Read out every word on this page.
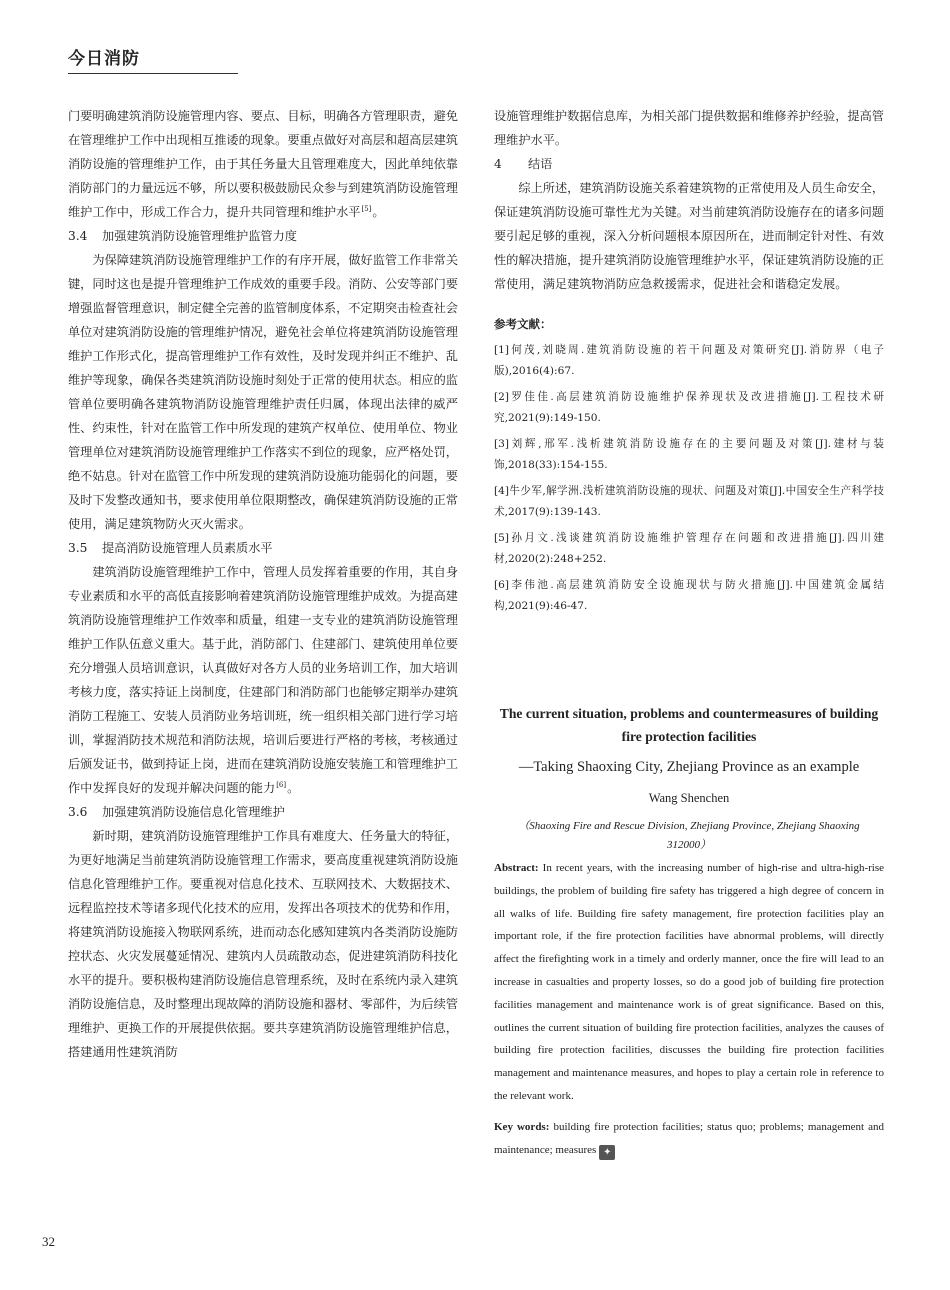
今日消防

门要明确建筑消防设施管理内容、要点、目标，明确各方管理职责，避免在管理维护工作中出现相互推诿的现象。要重点做好对高层和超高层建筑消防设施的管理维护工作，由于其任务量大且管理难度大，因此单纯依靠消防部门的力量远远不够，所以要积极鼓励民众参与到建筑消防设施管理维护工作中，形成工作合力，提升共同管理和维护水平[5]。

3.4 加强建筑消防设施管理维护监管力度

为保障建筑消防设施管理维护工作的有序开展，做好监管工作非常关键，同时这也是提升管理维护工作成效的重要手段。消防、公安等部门要增强监督管理意识，制定健全完善的监管制度体系，不定期突击检查社会单位对建筑消防设施的管理维护情况，避免社会单位将建筑消防设施管理维护工作形式化，提高管理维护工作有效性，及时发现并纠正不维护、乱维护等现象，确保各类建筑消防设施时刻处于正常的使用状态。相应的监管单位要明确各建筑物消防设施管理维护责任归属，体现出法律的威严性、约束性，针对在监管工作中所发现的建筑产权单位、使用单位、物业管理单位对建筑消防设施管理维护工作落实不到位的现象，应严格处罚，绝不姑息。针对在监管工作中所发现的建筑消防设施功能弱化的问题，要及时下发整改通知书，要求使用单位限期整改，确保建筑消防设施的正常使用，满足建筑物防火灭火需求。

3.5 提高消防设施管理人员素质水平

建筑消防设施管理维护工作中，管理人员发挥着重要的作用，其自身专业素质和水平的高低直接影响着建筑消防设施管理维护成效。为提高建筑消防设施管理维护工作效率和质量，组建一支专业的建筑消防设施管理维护工作队伍意义重大。基于此，消防部门、住建部门、建筑使用单位要充分增强人员培训意识，认真做好对各方人员的业务培训工作，加大培训考核力度，落实持证上岗制度，住建部门和消防部门也能够定期举办建筑消防工程施工、安装人员消防业务培训班，统一组织相关部门进行学习培训，掌握消防技术规范和消防法规，培训后要进行严格的考核，考核通过后颁发证书，做到持证上岗，进而在建筑消防设施安装施工和管理维护工作中发挥良好的发现并解决问题的能力[6]。

3.6 加强建筑消防设施信息化管理维护

新时期，建筑消防设施管理维护工作具有难度大、任务量大的特征，为更好地满足当前建筑消防设施管理工作需求，要高度重视建筑消防设施信息化管理维护工作。要重视对信息化技术、互联网技术、大数据技术、远程监控技术等诸多现代化技术的应用，发挥出各项技术的优势和作用，将建筑消防设施接入物联网系统，进而动态化感知建筑内各类消防设施防控状态、火灾发展蔓延情况、建筑内人员疏散动态，促进建筑消防科技化水平的提升。要积极构建消防设施信息管理系统，及时在系统内录入建筑消防设施信息，及时整理出现故障的消防设施和器材、零部件，为后续管理维护、更换工作的开展提供依据。要共享建筑消防设施管理维护信息，搭建通用性建筑消防

设施管理维护数据信息库，为相关部门提供数据和维修养护经验，提高管理维护水平。

4 结语

综上所述，建筑消防设施关系着建筑物的正常使用及人员生命安全，保证建筑消防设施可靠性尤为关键。对当前建筑消防设施存在的诸多问题要引起足够的重视，深入分析问题根本原因所在，进而制定针对性、有效性的解决措施，提升建筑消防设施管理维护水平，保证建筑消防设施的正常使用，满足建筑物消防应急救援需求，促进社会和谐稳定发展。

参考文献：
[1]何茂,刘晓周.建筑消防设施的若干问题及对策研究[J].消防界（电子版),2016(4):67.
[2]罗佳佳.高层建筑消防设施维护保养现状及改进措施[J].工程技术研究,2021(9):149-150.
[3]刘辉,邢军.浅析建筑消防设施存在的主要问题及对策[J].建材与装饰,2018(33):154-155.
[4]牛少军,解学洲.浅析建筑消防设施的现状、问题及对策[J].中国安全生产科学技术,2017(9):139-143.
[5]孙月文.浅谈建筑消防设施维护管理存在问题和改进措施[J].四川建材,2020(2):248+252.
[6]李伟池.高层建筑消防安全设施现状与防火措施[J].中国建筑金属结构,2021(9):46-47.
The current situation, problems and countermeasures of building fire protection facilities
—Taking Shaoxing City, Zhejiang Province as an example
Wang Shenchen
（Shaoxing Fire and Rescue Division, Zhejiang Province, Zhejiang Shaoxing 312000）
Abstract: In recent years, with the increasing number of high-rise and ultra-high-rise buildings, the problem of building fire safety has triggered a high degree of concern in all walks of life. Building fire safety management, fire protection facilities play an important role, if the fire protection facilities have abnormal problems, will directly affect the firefighting work in a timely and orderly manner, once the fire will lead to an increase in casualties and property losses, so do a good job of building fire protection facilities management and maintenance work is of great significance. Based on this, outlines the current situation of building fire protection facilities, analyzes the causes of building fire protection facilities, discusses the building fire protection facilities management and maintenance measures, and hopes to play a certain role in reference to the relevant work.
Key words: building fire protection facilities; status quo; problems; management and maintenance; measures ✦
32
